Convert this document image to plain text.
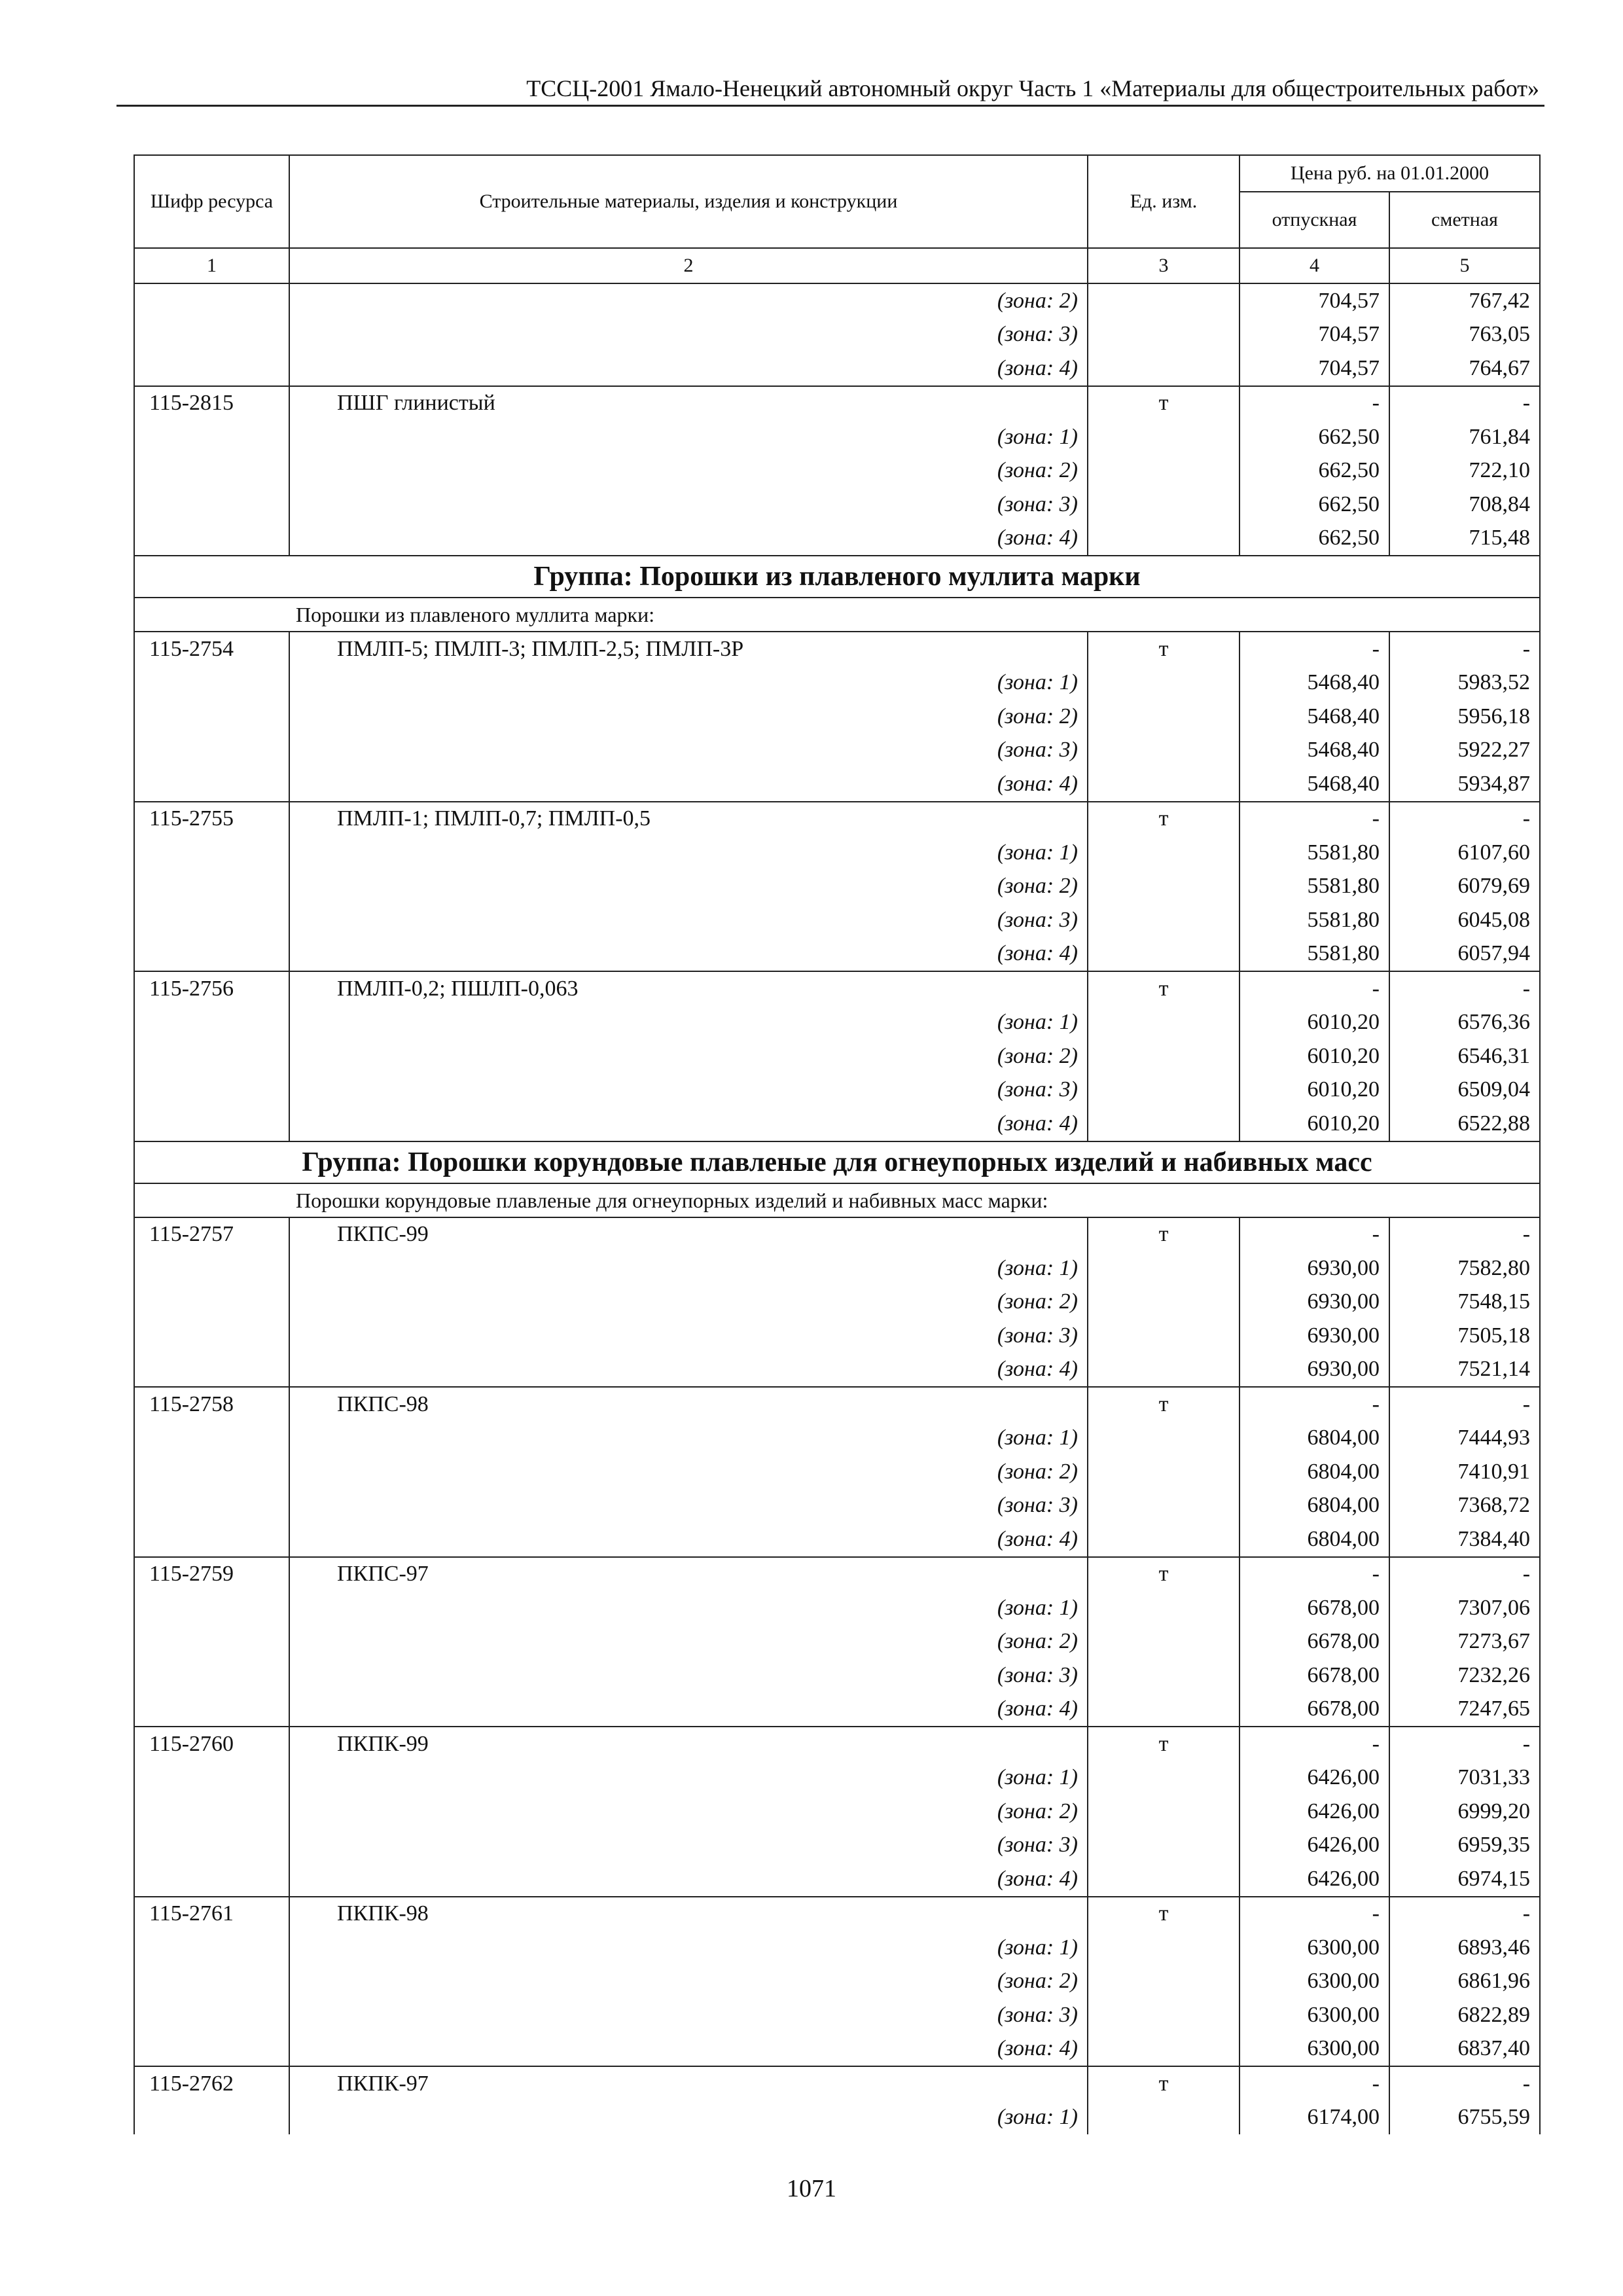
ТССЦ-2001 Ямало-Ненецкий автономный округ Часть 1 «Материалы для общестроительных работ»
Шифр ресурса	Строительные материалы, изделия и конструкции	Ед. изм.	Цена руб. на 01.01.2000	
			отпускная	сметная
1	2	3	4	5
	(зона: 2)		704,57	767,42
	(зона: 3)		704,57	763,05
	(зона: 4)		704,57	764,67
115-2815	ПШГ глинистый	т	-	-
	(зона: 1)		662,50	761,84
	(зона: 2)		662,50	722,10
	(зона: 3)		662,50	708,84
	(зона: 4)		662,50	715,48
Группа: Порошки из плавленого муллита марки				
Порошки из плавленого муллита марки:				
115-2754	ПМЛП-5; ПМЛП-3; ПМЛП-2,5; ПМЛП-3Р	т	-	-
	(зона: 1)		5468,40	5983,52
	(зона: 2)		5468,40	5956,18
	(зона: 3)		5468,40	5922,27
	(зона: 4)		5468,40	5934,87
115-2755	ПМЛП-1; ПМЛП-0,7; ПМЛП-0,5	т	-	-
	(зона: 1)		5581,80	6107,60
	(зона: 2)		5581,80	6079,69
	(зона: 3)		5581,80	6045,08
	(зона: 4)		5581,80	6057,94
115-2756	ПМЛП-0,2; ПШЛП-0,063	т	-	-
	(зона: 1)		6010,20	6576,36
	(зона: 2)		6010,20	6546,31
	(зона: 3)		6010,20	6509,04
	(зона: 4)		6010,20	6522,88
Группа: Порошки корундовые плавленые для огнеупорных изделий и набивных масс				
Порошки корундовые плавленые для огнеупорных изделий и набивных масс марки:				
115-2757	ПКПС-99	т	-	-
	(зона: 1)		6930,00	7582,80
	(зона: 2)		6930,00	7548,15
	(зона: 3)		6930,00	7505,18
	(зона: 4)		6930,00	7521,14
115-2758	ПКПС-98	т	-	-
	(зона: 1)		6804,00	7444,93
	(зона: 2)		6804,00	7410,91
	(зона: 3)		6804,00	7368,72
	(зона: 4)		6804,00	7384,40
115-2759	ПКПС-97	т	-	-
	(зона: 1)		6678,00	7307,06
	(зона: 2)		6678,00	7273,67
	(зона: 3)		6678,00	7232,26
	(зона: 4)		6678,00	7247,65
115-2760	ПКПК-99	т	-	-
	(зона: 1)		6426,00	7031,33
	(зона: 2)		6426,00	6999,20
	(зона: 3)		6426,00	6959,35
	(зона: 4)		6426,00	6974,15
115-2761	ПКПК-98	т	-	-
	(зона: 1)		6300,00	6893,46
	(зона: 2)		6300,00	6861,96
	(зона: 3)		6300,00	6822,89
	(зона: 4)		6300,00	6837,40
115-2762	ПКПК-97	т	-	-
	(зона: 1)		6174,00	6755,59
1071
